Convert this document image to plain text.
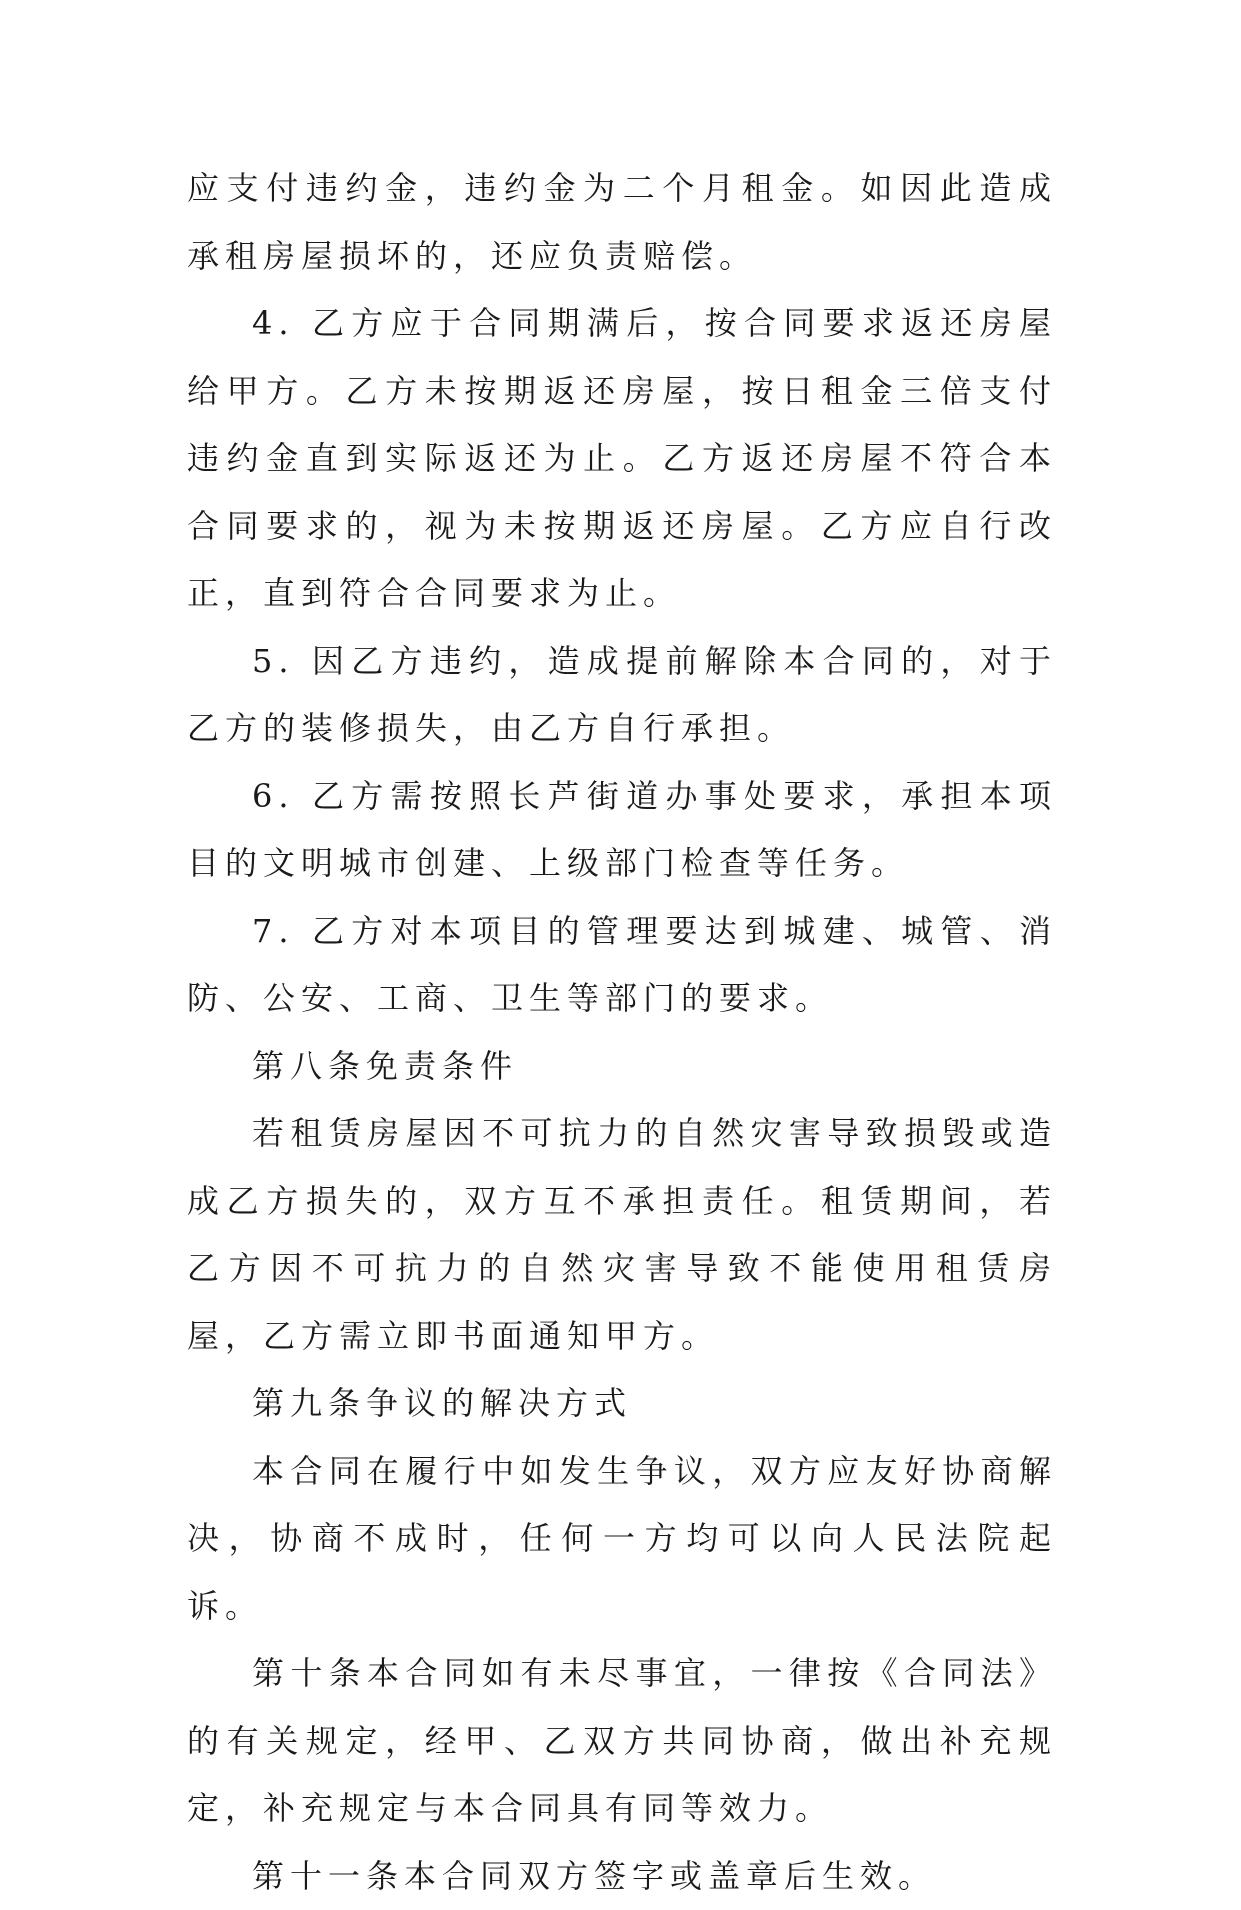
应支付违约金，违约金为二个月租金。如因此造成承租房屋损坏的，还应负责赔偿。

4. 乙方应于合同期满后，按合同要求返还房屋给甲方。乙方未按期返还房屋，按日租金三倍支付违约金直到实际返还为止。乙方返还房屋不符合本合同要求的，视为未按期返还房屋。乙方应自行改正，直到符合合同要求为止。

5. 因乙方违约，造成提前解除本合同的，对于乙方的装修损失，由乙方自行承担。

6. 乙方需按照长芦街道办事处要求，承担本项目的文明城市创建、上级部门检查等任务。

7. 乙方对本项目的管理要达到城建、城管、消防、公安、工商、卫生等部门的要求。

第八条免责条件

若租赁房屋因不可抗力的自然灾害导致损毁或造成乙方损失的，双方互不承担责任。租赁期间，若乙方因不可抗力的自然灾害导致不能使用租赁房屋，乙方需立即书面通知甲方。

第九条争议的解决方式

本合同在履行中如发生争议，双方应友好协商解决，协商不成时，任何一方均可以向人民法院起诉。

第十条本合同如有未尽事宜，一律按《合同法》的有关规定，经甲、乙双方共同协商，做出补充规定，补充规定与本合同具有同等效力。

第十一条本合同双方签字或盖章后生效。
